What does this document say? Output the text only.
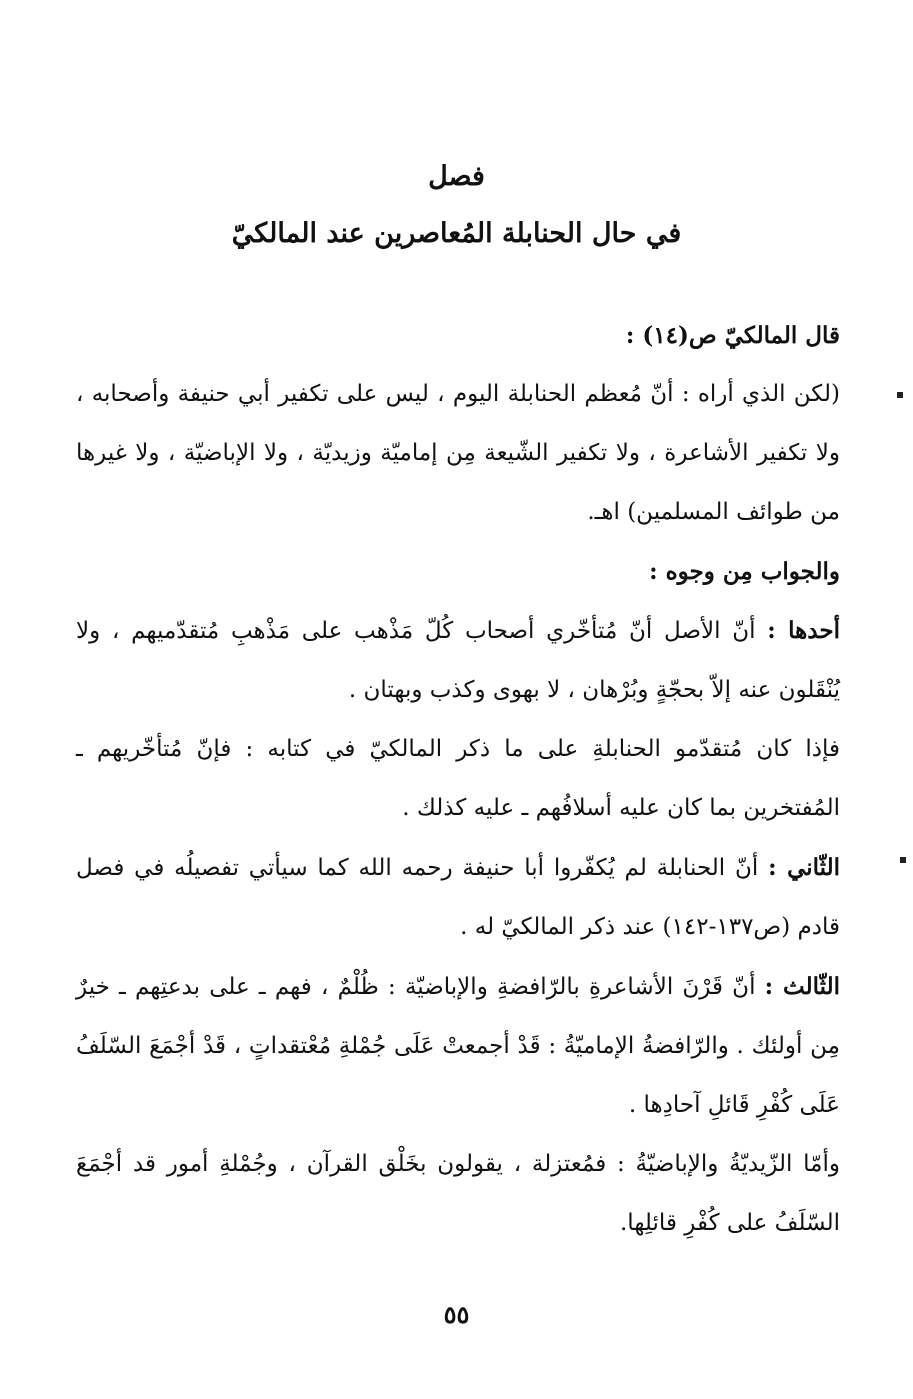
فصل
في حال الحنابلة المُعاصرين عند المالكيّ

قال المالكيّ ص(١٤) :

(لكن الذي أراه : أنّ مُعظم الحنابلة اليوم ، ليس على تكفير أبي حنيفة وأصحابه ، ولا تكفير الأشاعرة ، ولا تكفير الشّيعة مِن إماميّة وزيديّة ، ولا الإباضيّة ، ولا غيرها من طوائف المسلمين) اهـ.

والجواب مِن وجوه :

أحدها : أنّ الأصل أنّ مُتأخّري أصحاب كُلّ مَذْهب على مَذْهبِ مُتقدّميهم ، ولا يُنْقَلون عنه إلاّ بحجّةٍ وبُرْهان ، لا بهوى وكذب وبهتان .

فإذا كان مُتقدّمو الحنابلةِ على ما ذكر المالكيّ في كتابه : فإنّ مُتأخّريهم ـ المُفتخرين بما كان عليه أسلافُهم ـ عليه كذلك .

الثّاني : أنّ الحنابلة لم يُكفّروا أبا حنيفة رحمه الله كما سيأتي تفصيلُه في فصل قادم (ص١٣٧-١٤٢) عند ذكر المالكيّ له .

الثّالث : أنّ قَرْنَ الأشاعرةِ بالرّافضةِ والإباضيّة : ظُلْمٌ ، فهم ـ على بدعتِهم ـ خيرٌ مِن أولئك . والرّافضةُ الإماميّةُ : قَدْ أجمعتْ عَلَى جُمْلةِ مُعْتقداتٍ ، قَدْ أجْمَعَ السّلَفُ عَلَى كُفْرِ قَائلِ آحادِها .

وأمّا الزّيديّةُ والإباضيّةُ : فمُعتزلة ، يقولون بخَلْق القرآن ، وجُمْلةِ أمور قد أجْمَعَ السّلَفُ على كُفْرِ قائلِها.

٥٥
